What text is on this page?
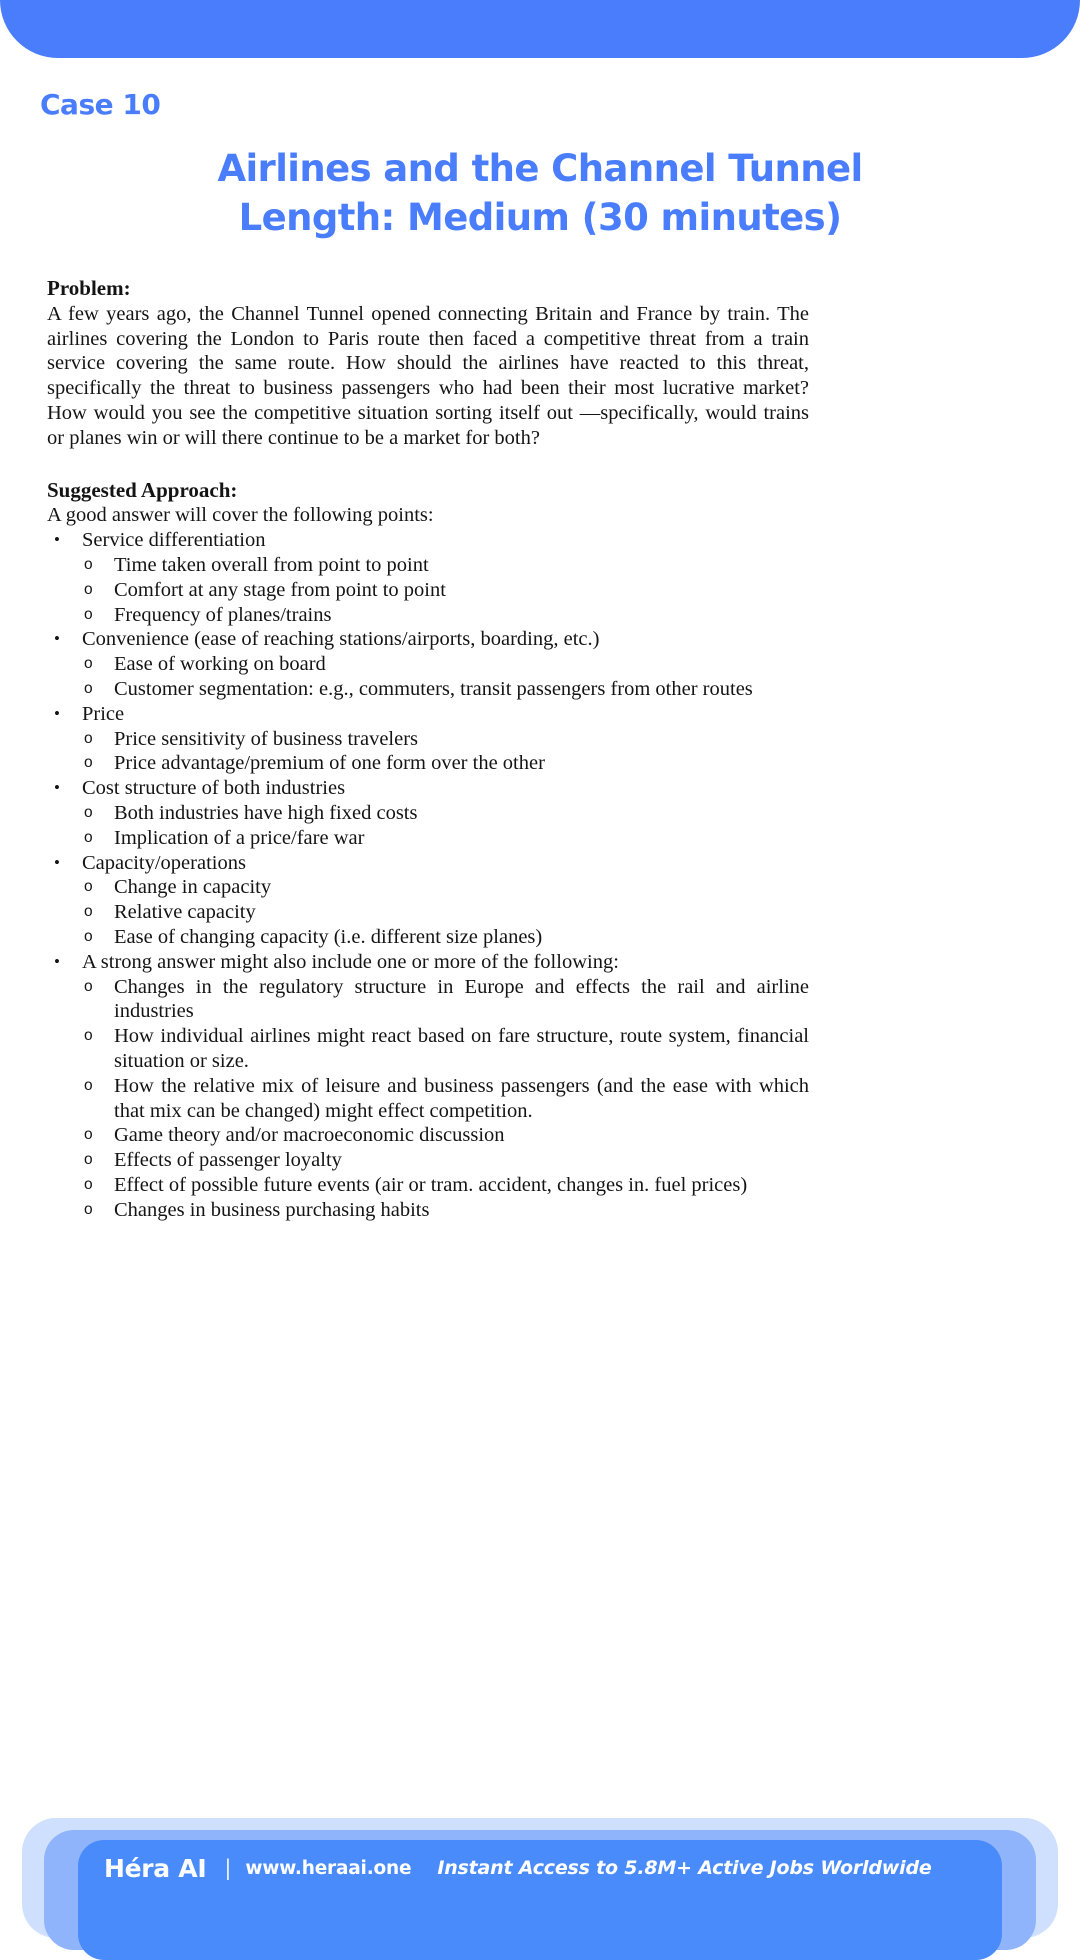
Case 10
Airlines and the Channel Tunnel
Length: Medium (30 minutes)
Problem:
A few years ago, the Channel Tunnel opened connecting Britain and France by train. The airlines covering the London to Paris route then faced a competitive threat from a train service covering the same route. How should the airlines have reacted to this threat, specifically the threat to business passengers who had been their most lucrative market? How would you see the competitive situation sorting itself out —specifically, would trains or planes win or will there continue to be a market for both?
Suggested Approach:
A good answer will cover the following points:
• Service differentiation
o Time taken overall from point to point
o Comfort at any stage from point to point
o Frequency of planes/trains
• Convenience (ease of reaching stations/airports, boarding, etc.)
o Ease of working on board
o Customer segmentation: e.g., commuters, transit passengers from other routes
• Price
o Price sensitivity of business travelers
o Price advantage/premium of one form over the other
• Cost structure of both industries
o Both industries have high fixed costs
o Implication of a price/fare war
• Capacity/operations
o Change in capacity
o Relative capacity
o Ease of changing capacity (i.e. different size planes)
• A strong answer might also include one or more of the following:
o Changes in the regulatory structure in Europe and effects the rail and airline industries
o How individual airlines might react based on fare structure, route system, financial situation or size.
o How the relative mix of leisure and business passengers (and the ease with which that mix can be changed) might effect competition.
o Game theory and/or macroeconomic discussion
o Effects of passenger loyalty
o Effect of possible future events (air or tram. accident, changes in. fuel prices)
o Changes in business purchasing habits
Héra AI | www.heraai.one Instant Access to 5.8M+ Active Jobs Worldwide
